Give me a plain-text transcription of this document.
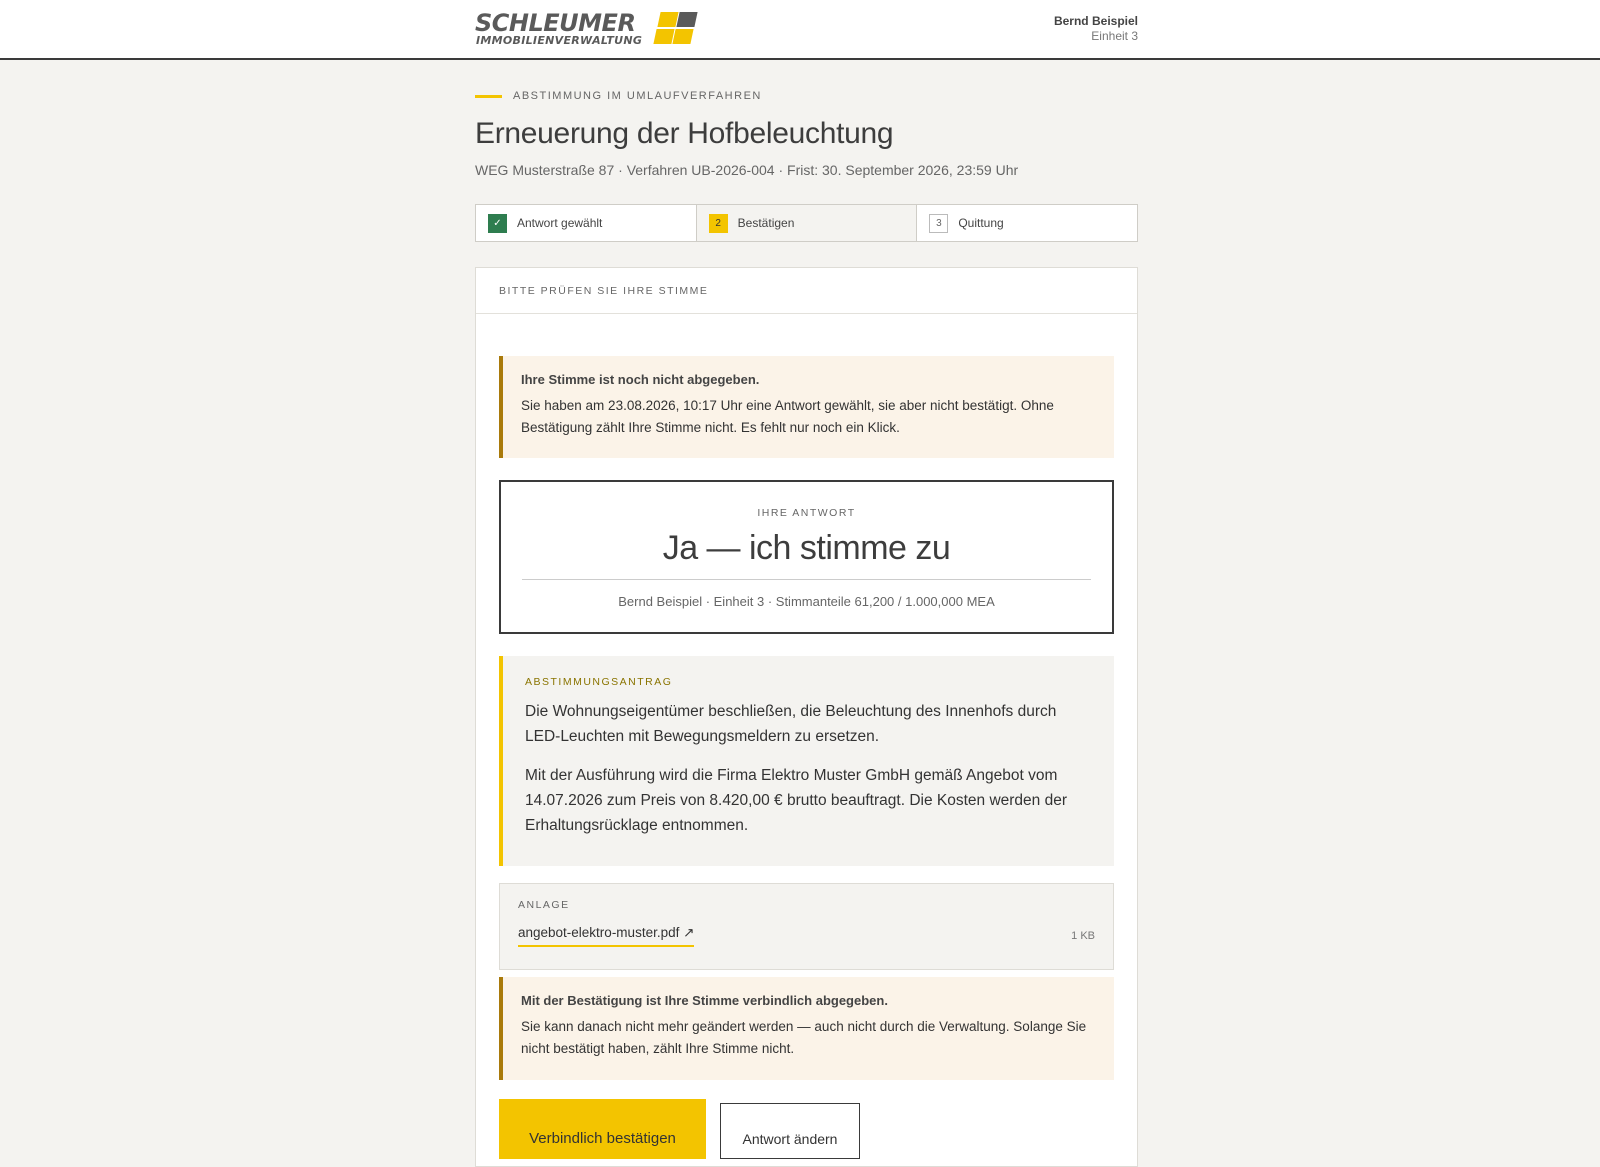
SCHLEUMER
IMMOBILIENVERWALTUNG
Bernd Beispiel
Einheit 3
ABSTIMMUNG IM UMLAUFVERFAHREN
Erneuerung der Hofbeleuchtung
WEG Musterstraße 87 · Verfahren UB-2026-004 · Frist: 30. September 2026, 23:59 Uhr
✓	Antwort gewählt	2	Bestätigen	3	Quittung
BITTE PRÜFEN SIE IHRE STIMME
Ihre Stimme ist noch nicht abgegeben.
Sie haben am 23.08.2026, 10:17 Uhr eine Antwort gewählt, sie aber nicht bestätigt. Ohne Bestätigung zählt Ihre Stimme nicht. Es fehlt nur noch ein Klick.
IHRE ANTWORT
Ja — ich stimme zu
Bernd Beispiel · Einheit 3 · Stimmanteile 61,200 / 1.000,000 MEA
ABSTIMMUNGSANTRAG

Die Wohnungseigentümer beschließen, die Beleuchtung des Innenhofs durch LED-Leuchten mit Bewegungsmeldern zu ersetzen.

Mit der Ausführung wird die Firma Elektro Muster GmbH gemäß Angebot vom 14.07.2026 zum Preis von 8.420,00 € brutto beauftragt. Die Kosten werden der Erhaltungsrücklage entnommen.

ANLAGE
angebot-elektro-muster.pdf ↗	1 KB
Mit der Bestätigung ist Ihre Stimme verbindlich abgegeben.
Sie kann danach nicht mehr geändert werden — auch nicht durch die Verwaltung. Solange Sie nicht bestätigt haben, zählt Ihre Stimme nicht.
Verbindlich bestätigen	Antwort ändern
